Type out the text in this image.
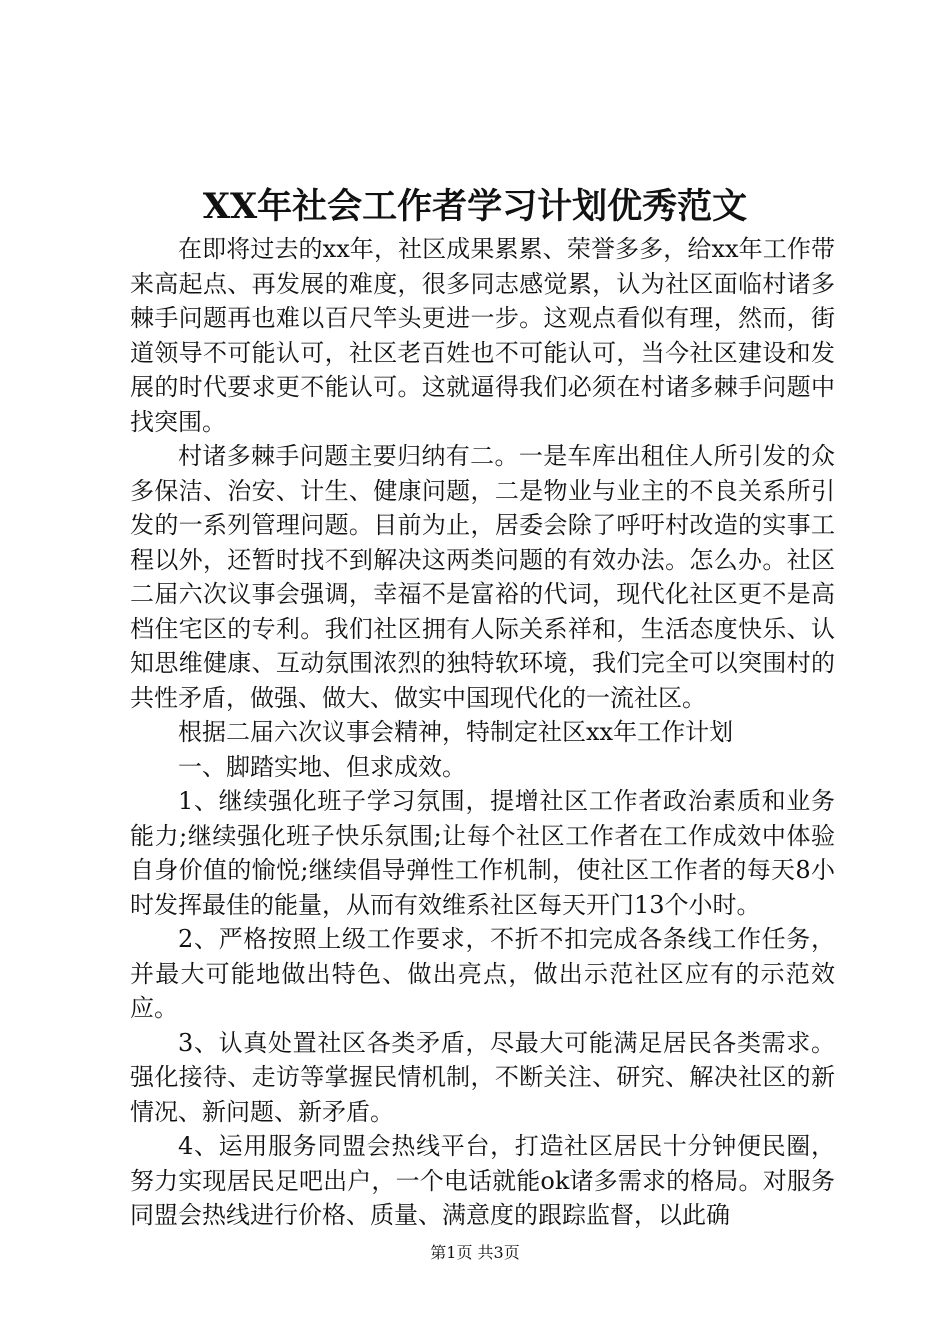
XX年社会工作者学习计划优秀范文

在即将过去的xx年，社区成果累累、荣誉多多，给xx年工作带来高起点、再发展的难度，很多同志感觉累，认为社区面临村诸多棘手问题再也难以百尺竿头更进一步。这观点看似有理，然而，街道领导不可能认可，社区老百姓也不可能认可，当今社区建设和发展的时代要求更不能认可。这就逼得我们必须在村诸多棘手问题中找突围。

村诸多棘手问题主要归纳有二。一是车库出租住人所引发的众多保洁、治安、计生、健康问题，二是物业与业主的不良关系所引发的一系列管理问题。目前为止，居委会除了呼吁村改造的实事工程以外，还暂时找不到解决这两类问题的有效办法。怎么办。社区二届六次议事会强调，幸福不是富裕的代词，现代化社区更不是高档住宅区的专利。我们社区拥有人际关系祥和，生活态度快乐、认知思维健康、互动氛围浓烈的独特软环境，我们完全可以突围村的共性矛盾，做强、做大、做实中国现代化的一流社区。

根据二届六次议事会精神，特制定社区xx年工作计划

一、脚踏实地、但求成效。

1、继续强化班子学习氛围，提增社区工作者政治素质和业务能力;继续强化班子快乐氛围;让每个社区工作者在工作成效中体验自身价值的愉悦;继续倡导弹性工作机制，使社区工作者的每天8小时发挥最佳的能量，从而有效维系社区每天开门13个小时。

2、严格按照上级工作要求，不折不扣完成各条线工作任务，并最大可能地做出特色、做出亮点，做出示范社区应有的示范效应。

3、认真处置社区各类矛盾，尽最大可能满足居民各类需求。强化接待、走访等掌握民情机制，不断关注、研究、解决社区的新情况、新问题、新矛盾。

4、运用服务同盟会热线平台，打造社区居民十分钟便民圈，努力实现居民足吧出户，一个电话就能ok诸多需求的格局。对服务同盟会热线进行价格、质量、满意度的跟踪监督，以此确

第1页 共3页
